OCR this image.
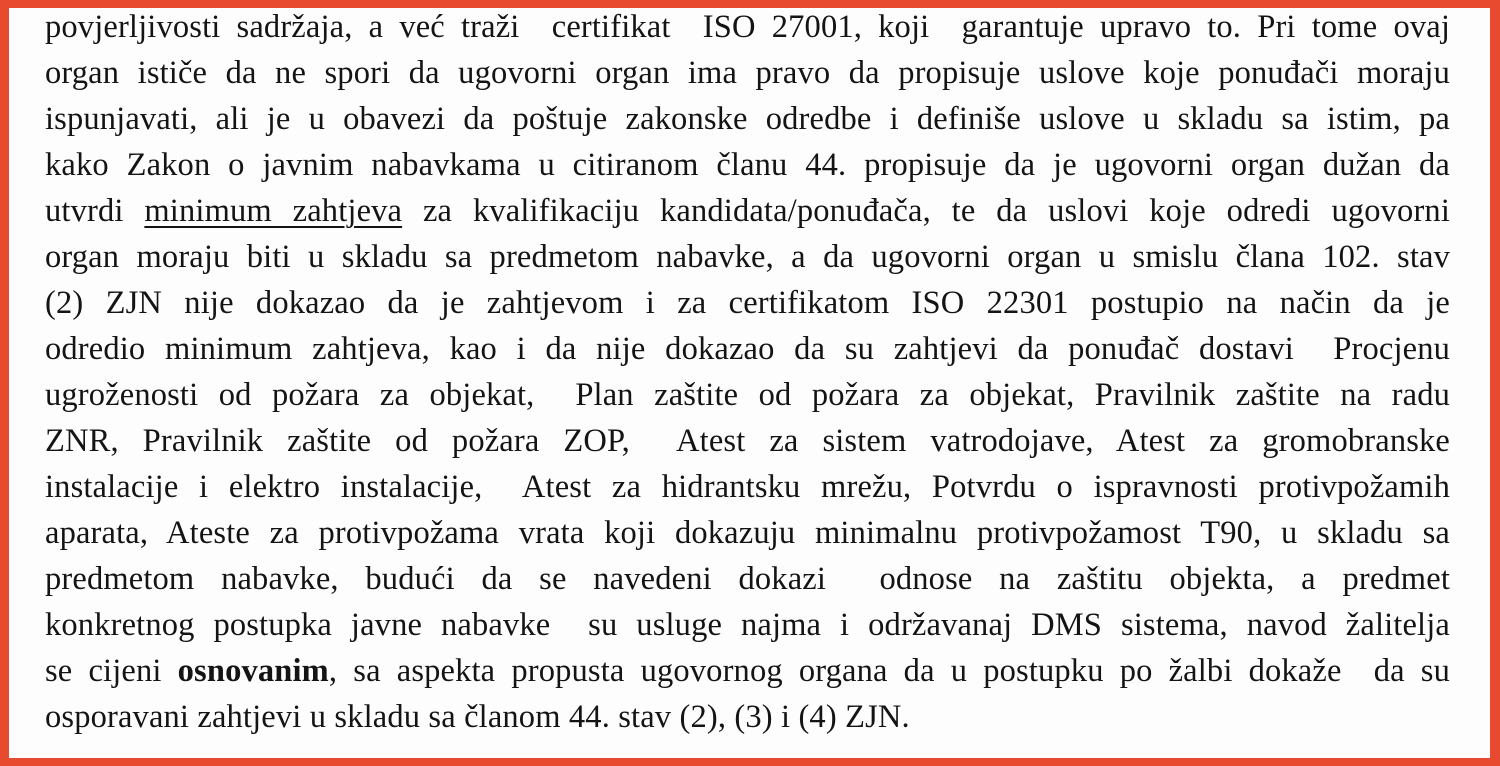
povjerljivosti sadržaja, a već traži  certifikat  ISO 27001, koji  garantuje upravo to. Pri tome ovaj
organ ističe da ne spori da ugovorni organ ima pravo da propisuje uslove koje ponuđači moraju
ispunjavati, ali je u obavezi da poštuje zakonske odredbe i definiše uslove u skladu sa istim, pa
kako Zakon o javnim nabavkama u citiranom članu 44. propisuje da je ugovorni organ dužan da
utvrdi minimum zahtjeva za kvalifikaciju kandidata/ponuđača, te da uslovi koje odredi ugovorni
organ moraju biti u skladu sa predmetom nabavke, a da ugovorni organ u smislu člana 102. stav
(2) ZJN nije dokazao da je zahtjevom i za certifikatom ISO 22301 postupio na način da je
odredio minimum zahtjeva, kao i da nije dokazao da su zahtjevi da ponuđač dostavi  Procjenu
ugroženosti od požara za objekat,  Plan zaštite od požara za objekat, Pravilnik zaštite na radu
ZNR, Pravilnik zaštite od požara ZOP,  Atest za sistem vatrodojave, Atest za gromobranske
instalacije i elektro instalacije,  Atest za hidrantsku mrežu, Potvrdu o ispravnosti protivpožamih
aparata, Ateste za protivpožama vrata koji dokazuju minimalnu protivpožamost T90, u skladu sa
predmetom nabavke, budući da se navedeni dokazi  odnose na zaštitu objekta, a predmet
konkretnog postupka javne nabavke  su usluge najma i održavanaj DMS sistema, navod žalitelja
se cijeni osnovanim, sa aspekta propusta ugovornog organa da u postupku po žalbi dokaže  da su
osporavani zahtjevi u skladu sa članom 44. stav (2), (3) i (4) ZJN.
